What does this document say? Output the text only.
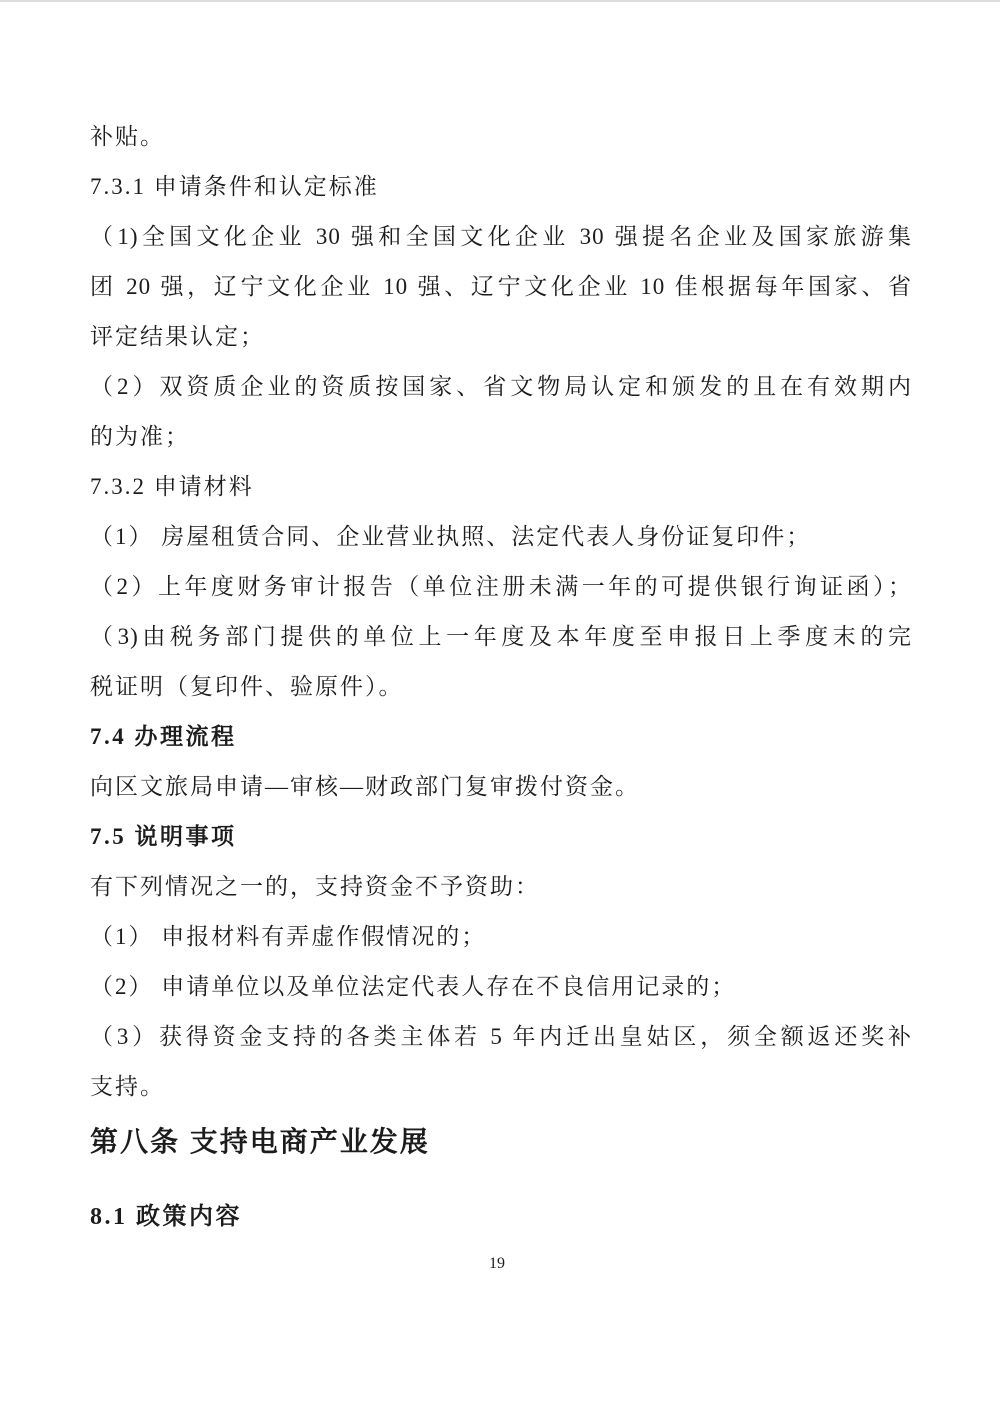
补贴。
7.3.1 申请条件和认定标准
（1)全国文化企业 30 强和全国文化企业 30 强提名企业及国家旅游集
团 20 强，辽宁文化企业 10 强、辽宁文化企业 10 佳根据每年国家、省
评定结果认定；
（2）双资质企业的资质按国家、省文物局认定和颁发的且在有效期内
的为准；
7.3.2 申请材料
（1） 房屋租赁合同、企业营业执照、法定代表人身份证复印件；
（2）上年度财务审计报告（单位注册未满一年的可提供银行询证函）；
（3)由税务部门提供的单位上一年度及本年度至申报日上季度末的完
税证明（复印件、验原件）。
7.4 办理流程
向区文旅局申请—审核—财政部门复审拨付资金。
7.5 说明事项
有下列情况之一的，支持资金不予资助：
（1） 申报材料有弄虚作假情况的；
（2） 申请单位以及单位法定代表人存在不良信用记录的；
（3）获得资金支持的各类主体若 5 年内迁出皇姑区，须全额返还奖补
支持。
第八条 支持电商产业发展
8.1 政策内容
19
